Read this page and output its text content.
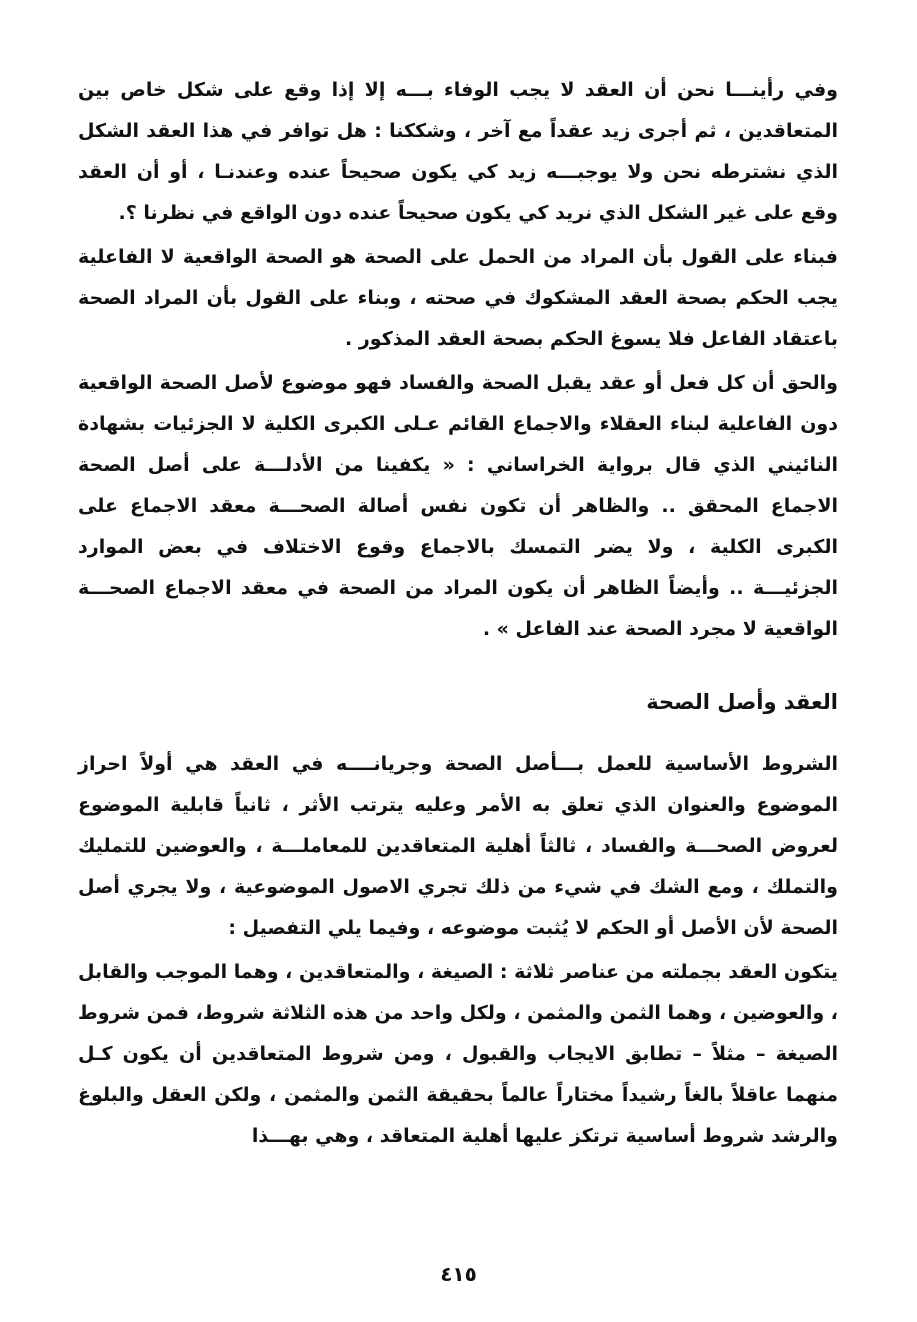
وفي رأينـــا نحن أن العقد لا يجب الوفاء بـــه إلا إذا وقع على شكل خاص بين المتعاقدين ، ثم أجرى زيد عقداً مع آخر ، وشككنا : هل توافر في هذا العقد الشكل الذي نشترطه نحن ولا يوجبـــه زيد كي يكون صحيحاً عنده وعندنـا ، أو أن العقد وقع على غير الشكل الذي نريد كي يكون صحيحاً عنده دون الواقع في نظرنا ؟.

فبناء على القول بأن المراد من الحمل على الصحة هو الصحة الواقعية لا الفاعلية يجب الحكم بصحة العقد المشكوك في صحته ، وبناء على القول بأن المراد الصحة باعتقاد الفاعل فلا يسوغ الحكم بصحة العقد المذكور .

والحق أن كل فعل أو عقد يقبل الصحة والفساد فهو موضوع لأصل الصحة الواقعية دون الفاعلية لبناء العقلاء والاجماع القائم عـلى الكبرى الكلية لا الجزئيات بشهادة النائيني الذي قال برواية الخراساني : « يكفينا من الأدلـــة على أصل الصحة الاجماع المحقق .. والظاهر أن تكون نفس أصالة الصحـــة معقد الاجماع على الكبرى الكلية ، ولا يضر التمسك بالاجماع وقوع الاختلاف في بعض الموارد الجزئيـــة .. وأيضاً الظاهر أن يكون المراد من الصحة في معقد الاجماع الصحـــة الواقعية لا مجرد الصحة عند الفاعل » .

العقد وأصل الصحة

الشروط الأساسية للعمل بـــأصل الصحة وجريانــــه في العقد هي أولاً احراز الموضوع والعنوان الذي تعلق به الأمر وعليه يترتب الأثر ، ثانياً قابلية الموضوع لعروض الصحـــة والفساد ، ثالثاً أهلية المتعاقدين للمعاملـــة ، والعوضين للتمليك والتملك ، ومع الشك في شيء من ذلك تجري الاصول الموضوعية ، ولا يجري أصل الصحة لأن الأصل أو الحكم لا يُثبت موضوعه ، وفيما يلي التفصيل :

يتكون العقد بجملته من عناصر ثلاثة : الصيغة ، والمتعاقدين ، وهما الموجب والقابل ، والعوضين ، وهما الثمن والمثمن ، ولكل واحد من هذه الثلاثة شروط، فمن شروط الصيغة – مثلاً – تطابق الايجاب والقبول ، ومن شروط المتعاقدين أن يكون كـل منهما عاقلاً بالغاً رشيداً مختاراً عالماً بحقيقة الثمن والمثمن ، ولكن العقل والبلوغ والرشد شروط أساسية ترتكز عليها أهلية المتعاقد ، وهي بهـــذا

٤١٥
